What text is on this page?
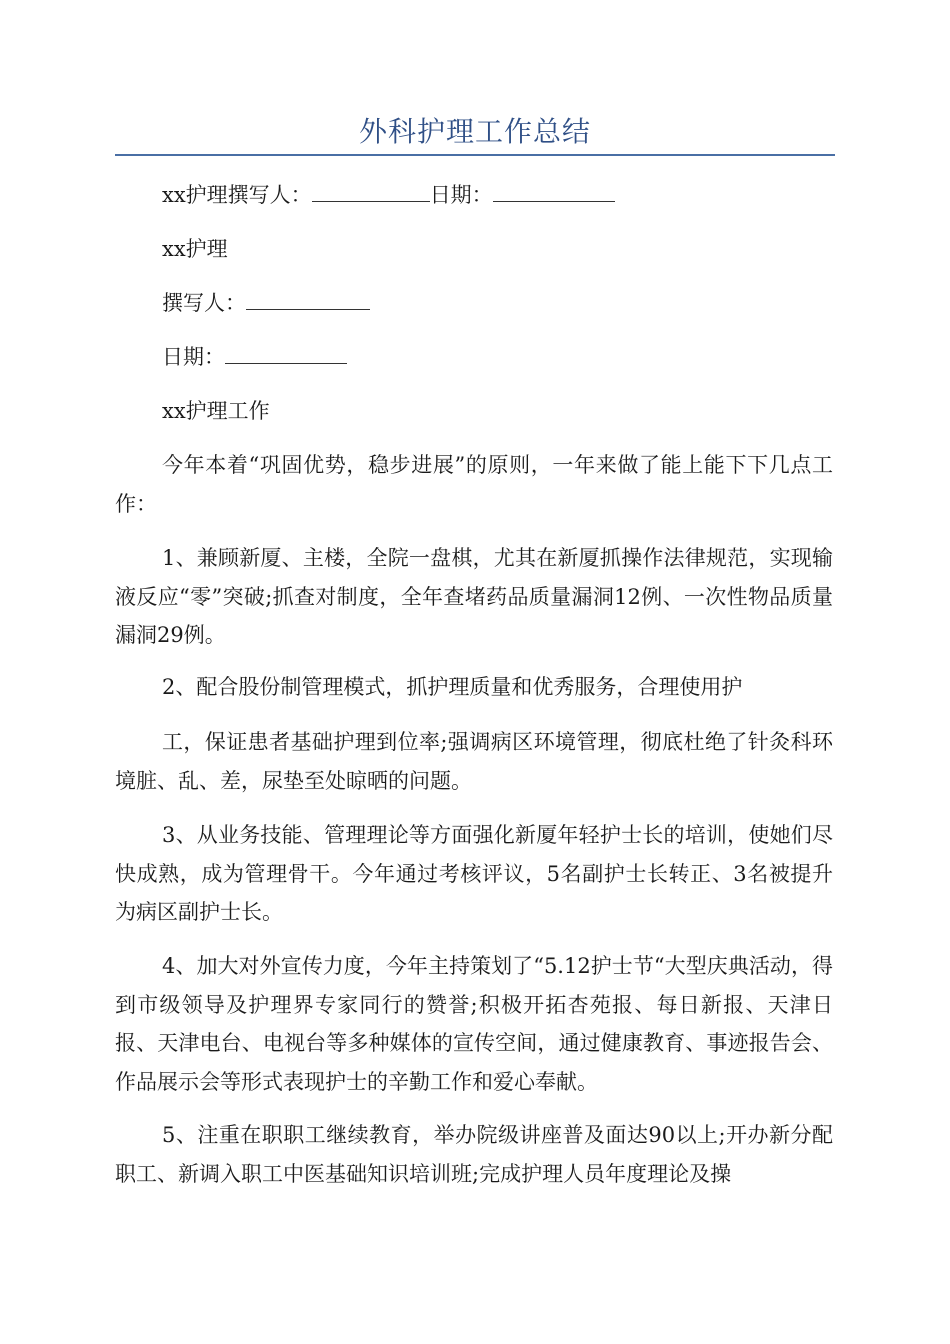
外科护理工作总结
xx护理撰写人：	日期：
xx护理
撰写人：
日期：
xx护理工作

今年本着“巩固优势，稳步进展”的原则，一年来做了能上能下下几点工作：

1、兼顾新厦、主楼，全院一盘棋，尤其在新厦抓操作法律规范，实现输液反应“零”突破;抓查对制度，全年查堵药品质量漏洞12例、一次性物品质量漏洞29例。

2、配合股份制管理模式，抓护理质量和优秀服务，合理使用护

工，保证患者基础护理到位率;强调病区环境管理，彻底杜绝了针灸科环境脏、乱、差，尿垫至处晾晒的问题。

3、从业务技能、管理理论等方面强化新厦年轻护士长的培训，使她们尽快成熟，成为管理骨干。今年通过考核评议，5名副护士长转正、3名被提升为病区副护士长。

4、加大对外宣传力度，今年主持策划了“5.12护士节“大型庆典活动，得到市级领导及护理界专家同行的赞誉;积极开拓杏苑报、每日新报、天津日报、天津电台、电视台等多种媒体的宣传空间，通过健康教育、事迹报告会、作品展示会等形式表现护士的辛勤工作和爱心奉献。

5、注重在职职工继续教育，举办院级讲座普及面达90以上;开办新分配职工、新调入职工中医基础知识培训班;完成护理人员年度理论及操
